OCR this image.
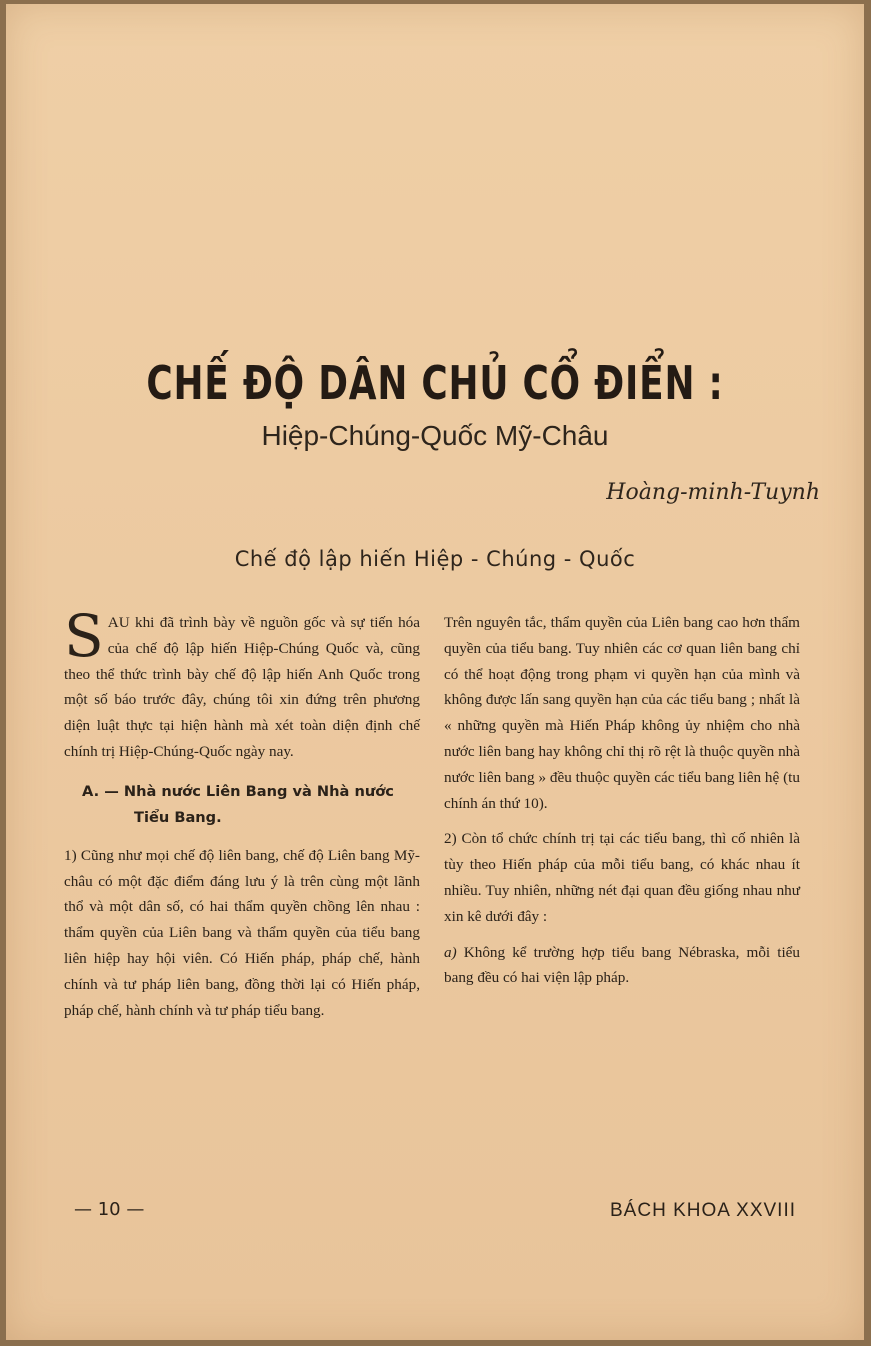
CHẾ ĐỘ DÂN CHỦ CỔ ĐIỂN :
Hiệp-Chúng-Quốc Mỹ-Châu
Hoàng-minh-Tuynh
Chế độ lập hiến Hiệp - Chúng - Quốc

SAU khi đã trình bày về nguồn gốc và sự tiến hóa của chế độ lập hiến Hiệp-Chúng Quốc và, cũng theo thể thức trình bày chế độ lập hiến Anh Quốc trong một số báo trước đây, chúng tôi xin đứng trên phương diện luật thực tại hiện hành mà xét toàn diện định chế chính trị Hiệp-Chúng-Quốc ngày nay.

A. — Nhà nước Liên Bang và Nhà nước Tiểu Bang.

1) Cũng như mọi chế độ liên bang, chế độ Liên bang Mỹ-châu có một đặc điểm đáng lưu ý là trên cùng một lãnh thổ và một dân số, có hai thẩm quyền chồng lên nhau : thẩm quyền của Liên bang và thẩm quyền của tiểu bang liên hiệp hay hội viên. Có Hiến pháp, pháp chế, hành chính và tư pháp liên bang, đồng thời lại có Hiến pháp, pháp chế, hành chính và tư pháp tiểu bang.

Trên nguyên tắc, thẩm quyền của Liên bang cao hơn thẩm quyền của tiểu bang. Tuy nhiên các cơ quan liên bang chỉ có thể hoạt động trong phạm vi quyền hạn của mình và không được lấn sang quyền hạn của các tiểu bang ; nhất là « những quyền mà Hiến Pháp không ủy nhiệm cho nhà nước liên bang hay không chỉ thị rõ rệt là thuộc quyền nhà nước liên bang » đều thuộc quyền các tiểu bang liên hệ (tu chính án thứ 10).

2) Còn tổ chức chính trị tại các tiểu bang, thì cố nhiên là tùy theo Hiến pháp của mỗi tiểu bang, có khác nhau ít nhiều. Tuy nhiên, những nét đại quan đều giống nhau như xin kê dưới đây :

a) Không kể trường hợp tiểu bang Nébraska, mỗi tiểu bang đều có hai viện lập pháp.

— 10 —	BÁCH KHOA XXVIII
